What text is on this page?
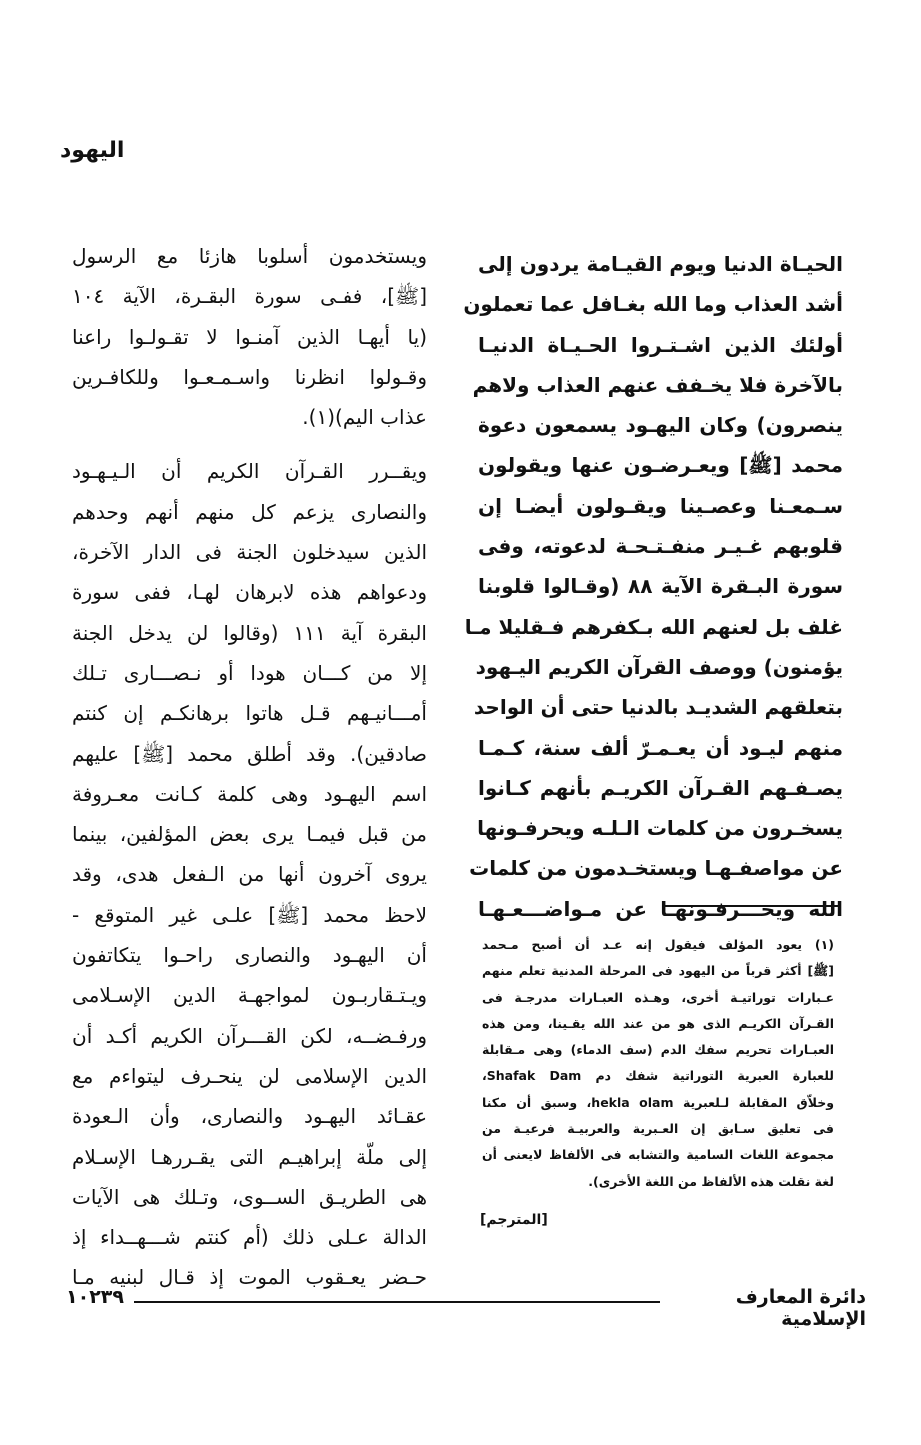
اليهود

الحيـاة الدنيا ويوم القيـامة يردون إلى

أشد العذاب وما الله بغـافل عما تعملون

أولئك الذين اشـتـروا الحـيـاة الدنيـا

بالآخرة فلا يخـفف عنهم العذاب ولاهم

ينصرون) وكان اليهـود يسمعون دعوة

محمد [ﷺ] ويعـرضـون عنها ويقولون

سـمعـنا وعصـينا ويقـولون أيضـا إن

قلوبهم غـيـر منفـتـحـة لدعوته، وفى

سورة البـقرة الآية ٨٨ (وقـالوا قلوبنا

غلف بل لعنهم الله بـكفرهم فـقليلا مـا

يؤمنون) ووصف القرآن الكريم اليـهود

بتعلقهم الشديـد بالدنيا حتى أن الواحد

منهم ليـود أن يعـمـرّ ألف سنة، كـمـا

يصـفـهم القـرآن الكريـم بأنهم كـانوا

يسخـرون من كلمات الـلـه ويحرفـونها

عن مواصفـهـا ويستخـدمون من كلمات

الله ويحـــرفـونهـا عن مـواضـــعـهـا

ويستخدمون أسلوبا هازئا مع الرسول

[ﷺ]، ففـى سورة البقـرة، الآية ١٠٤

(يا أيهـا الذين آمنـوا لا تقـولـوا راعنا

وقـولوا انظرنا واسـمـعـوا وللكافـرين

عذاب اليم)(١).

ويقــرر القـرآن الكريم أن الـيـهـود

والنصارى يزعم كل منهم أنهم وحدهم

الذين سيدخلون الجنة فى الدار الآخرة،

ودعواهم هذه لابرهان لهـا، ففى سورة

البقرة آية ١١١ (وقالوا لن يدخل الجنة

إلا من كـــان هودا أو نـصـــارى تـلك

أمـــانيـهم قـل هاتوا برهانكـم إن كنتم

صادقين). وقد أطلق محمد [ﷺ] عليهم

اسم اليهـود وهى كلمة كـانت معـروفة

من قبل فيمـا يرى بعض المؤلفين، بينما

يروى آخرون أنها من الـفعل هدى، وقد

لاحظ محمد [ﷺ] علـى غير المتوقع -

أن اليهـود والنصارى راحـوا يتكاتفون

ويـتـقاربـون لمواجهـة الدين الإسـلامى

ورفـضــه، لكن القـــرآن الكريم أكـد أن

الدين الإسلامى لن ينحـرف ليتواءم مع

عقـائد اليهـود والنصارى، وأن الـعودة

إلى ملّة إبراهيـم التى يقـررهـا الإسـلام

هى الطريـق الســوى، وتـلك هى الآيات

الدالة عـلى ذلك (أم كنتم شـــهــداء إذ

حـضر يعـقوب الموت إذ قـال لبنيه مـا

(١) يعود المؤلف فيقول إنه عـد أن أصبح مـحمد

[ﷺ] أكثر قرباً من اليهود فى المرحلة المدنية تعلم منهم

عـبارات توراتيـة أخرى، وهـذه العبـارات مدرجـة فى

القـرآن الكريـم الذى هو من عند الله يقـينا، ومن هذه

العبـارات تحريم سفك الدم (سف الدماء) وهى مـقابلة

للعبارة العبرية التوراتية شفك دم Shafak Dam،

وخلاّق المقابلة لـلعبرية hekla olam، وسبق أن مكنا

فى تعليق سـابق إن العـبرية والعربيـة فرعيـة من

مجموعة اللغات السامية والتشابه فى الألفاظ لايعنى أن

لغة نقلت هذه الألفاظ من اللغة الأخرى).

[المترجم]
دائرة المعارف الإسلامية
١٠٢٣٩
